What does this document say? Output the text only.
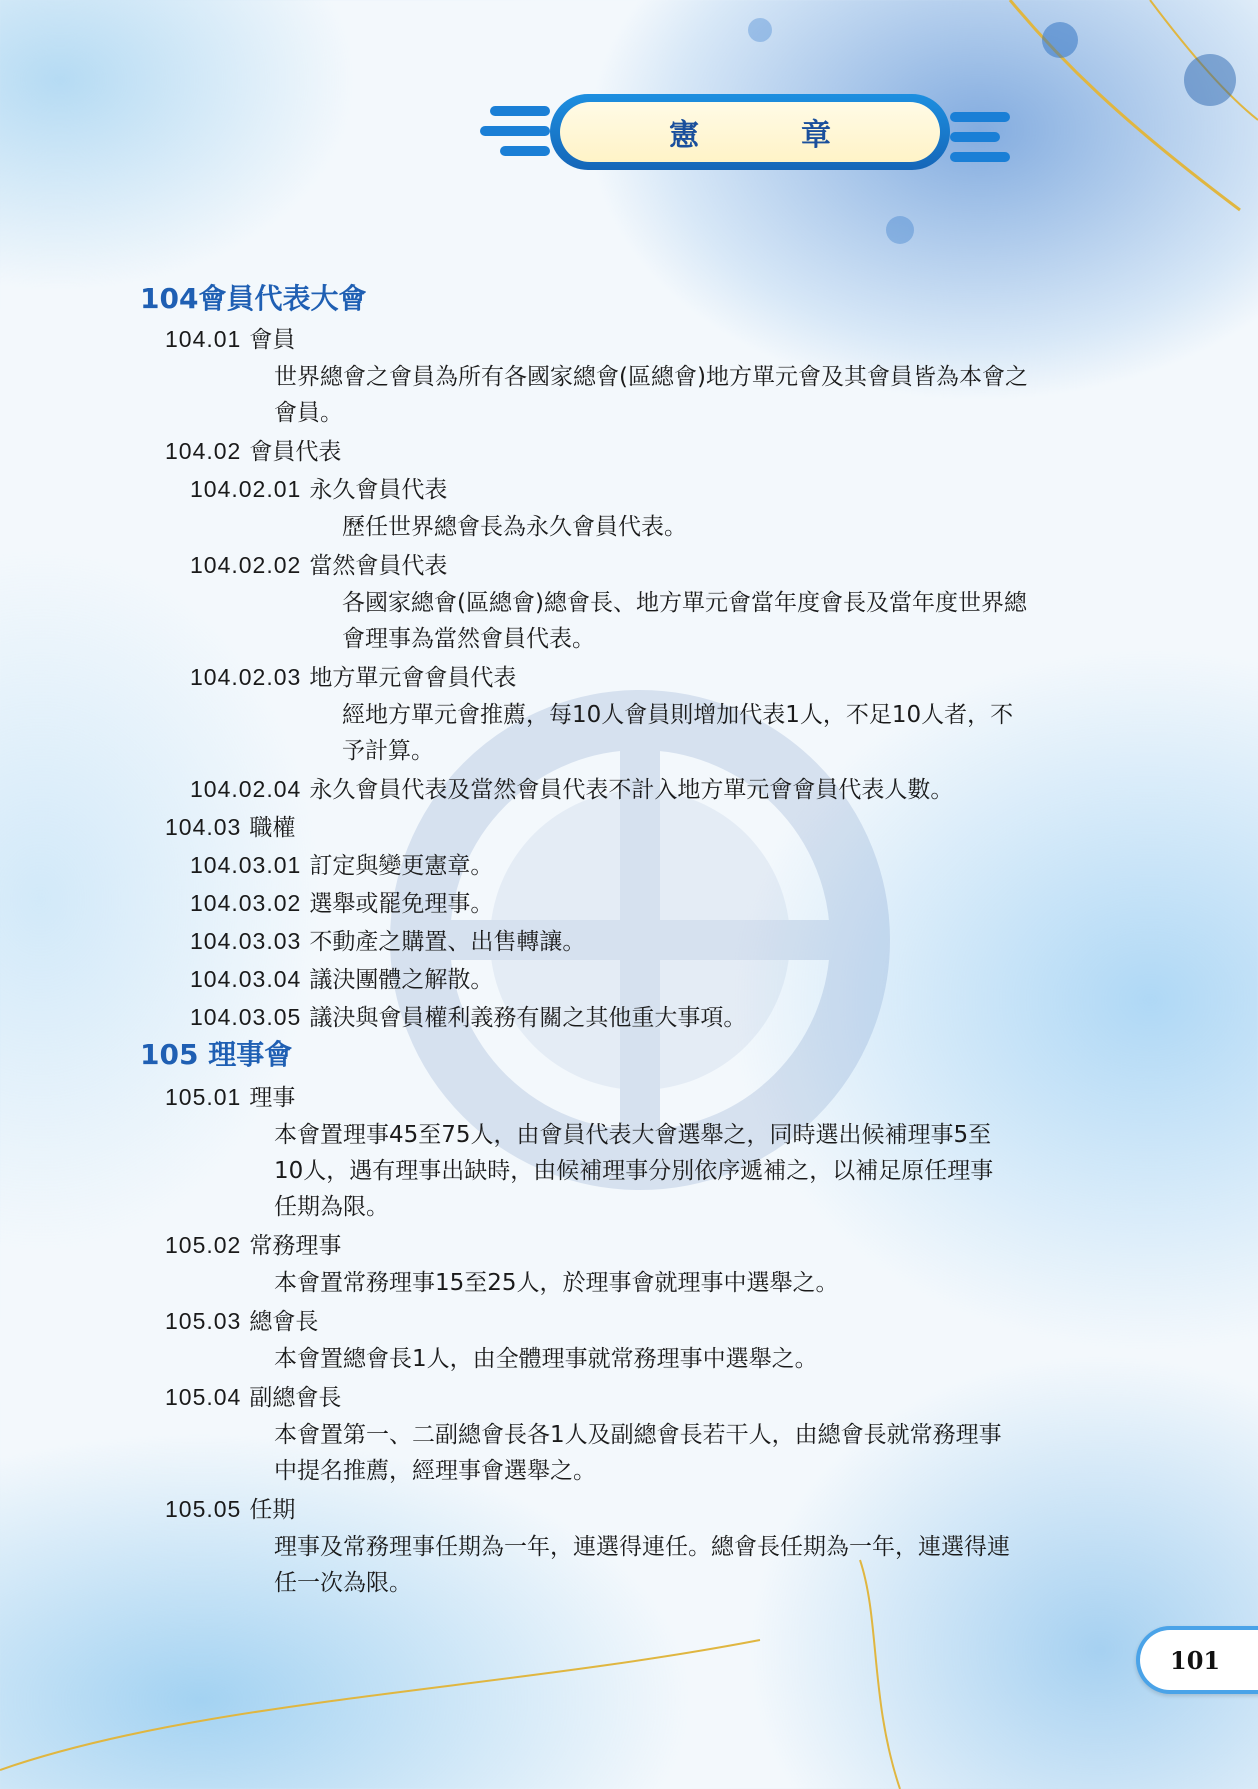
憲　章
104會員代表大會
104.01 會員
世界總會之會員為所有各國家總會(區總會)地方單元會及其會員皆為本會之
會員。
104.02 會員代表
104.02.01 永久會員代表
歷任世界總會長為永久會員代表。
104.02.02 當然會員代表
各國家總會(區總會)總會長、地方單元會當年度會長及當年度世界總
會理事為當然會員代表。
104.02.03 地方單元會會員代表
經地方單元會推薦，每10人會員則增加代表1人，不足10人者，不
予計算。
104.02.04 永久會員代表及當然會員代表不計入地方單元會會員代表人數。
104.03 職權
104.03.01 訂定與變更憲章。
104.03.02 選舉或罷免理事。
104.03.03 不動產之購置、出售轉讓。
104.03.04 議決團體之解散。
104.03.05 議決與會員權利義務有關之其他重大事項。
105 理事會
105.01 理事
本會置理事45至75人，由會員代表大會選舉之，同時選出候補理事5至
10人，遇有理事出缺時，由候補理事分別依序遞補之，以補足原任理事
任期為限。
105.02 常務理事
本會置常務理事15至25人，於理事會就理事中選舉之。
105.03 總會長
本會置總會長1人，由全體理事就常務理事中選舉之。
105.04 副總會長
本會置第一、二副總會長各1人及副總會長若干人，由總會長就常務理事
中提名推薦，經理事會選舉之。
105.05 任期
理事及常務理事任期為一年，連選得連任。總會長任期為一年，連選得連
任一次為限。
101
